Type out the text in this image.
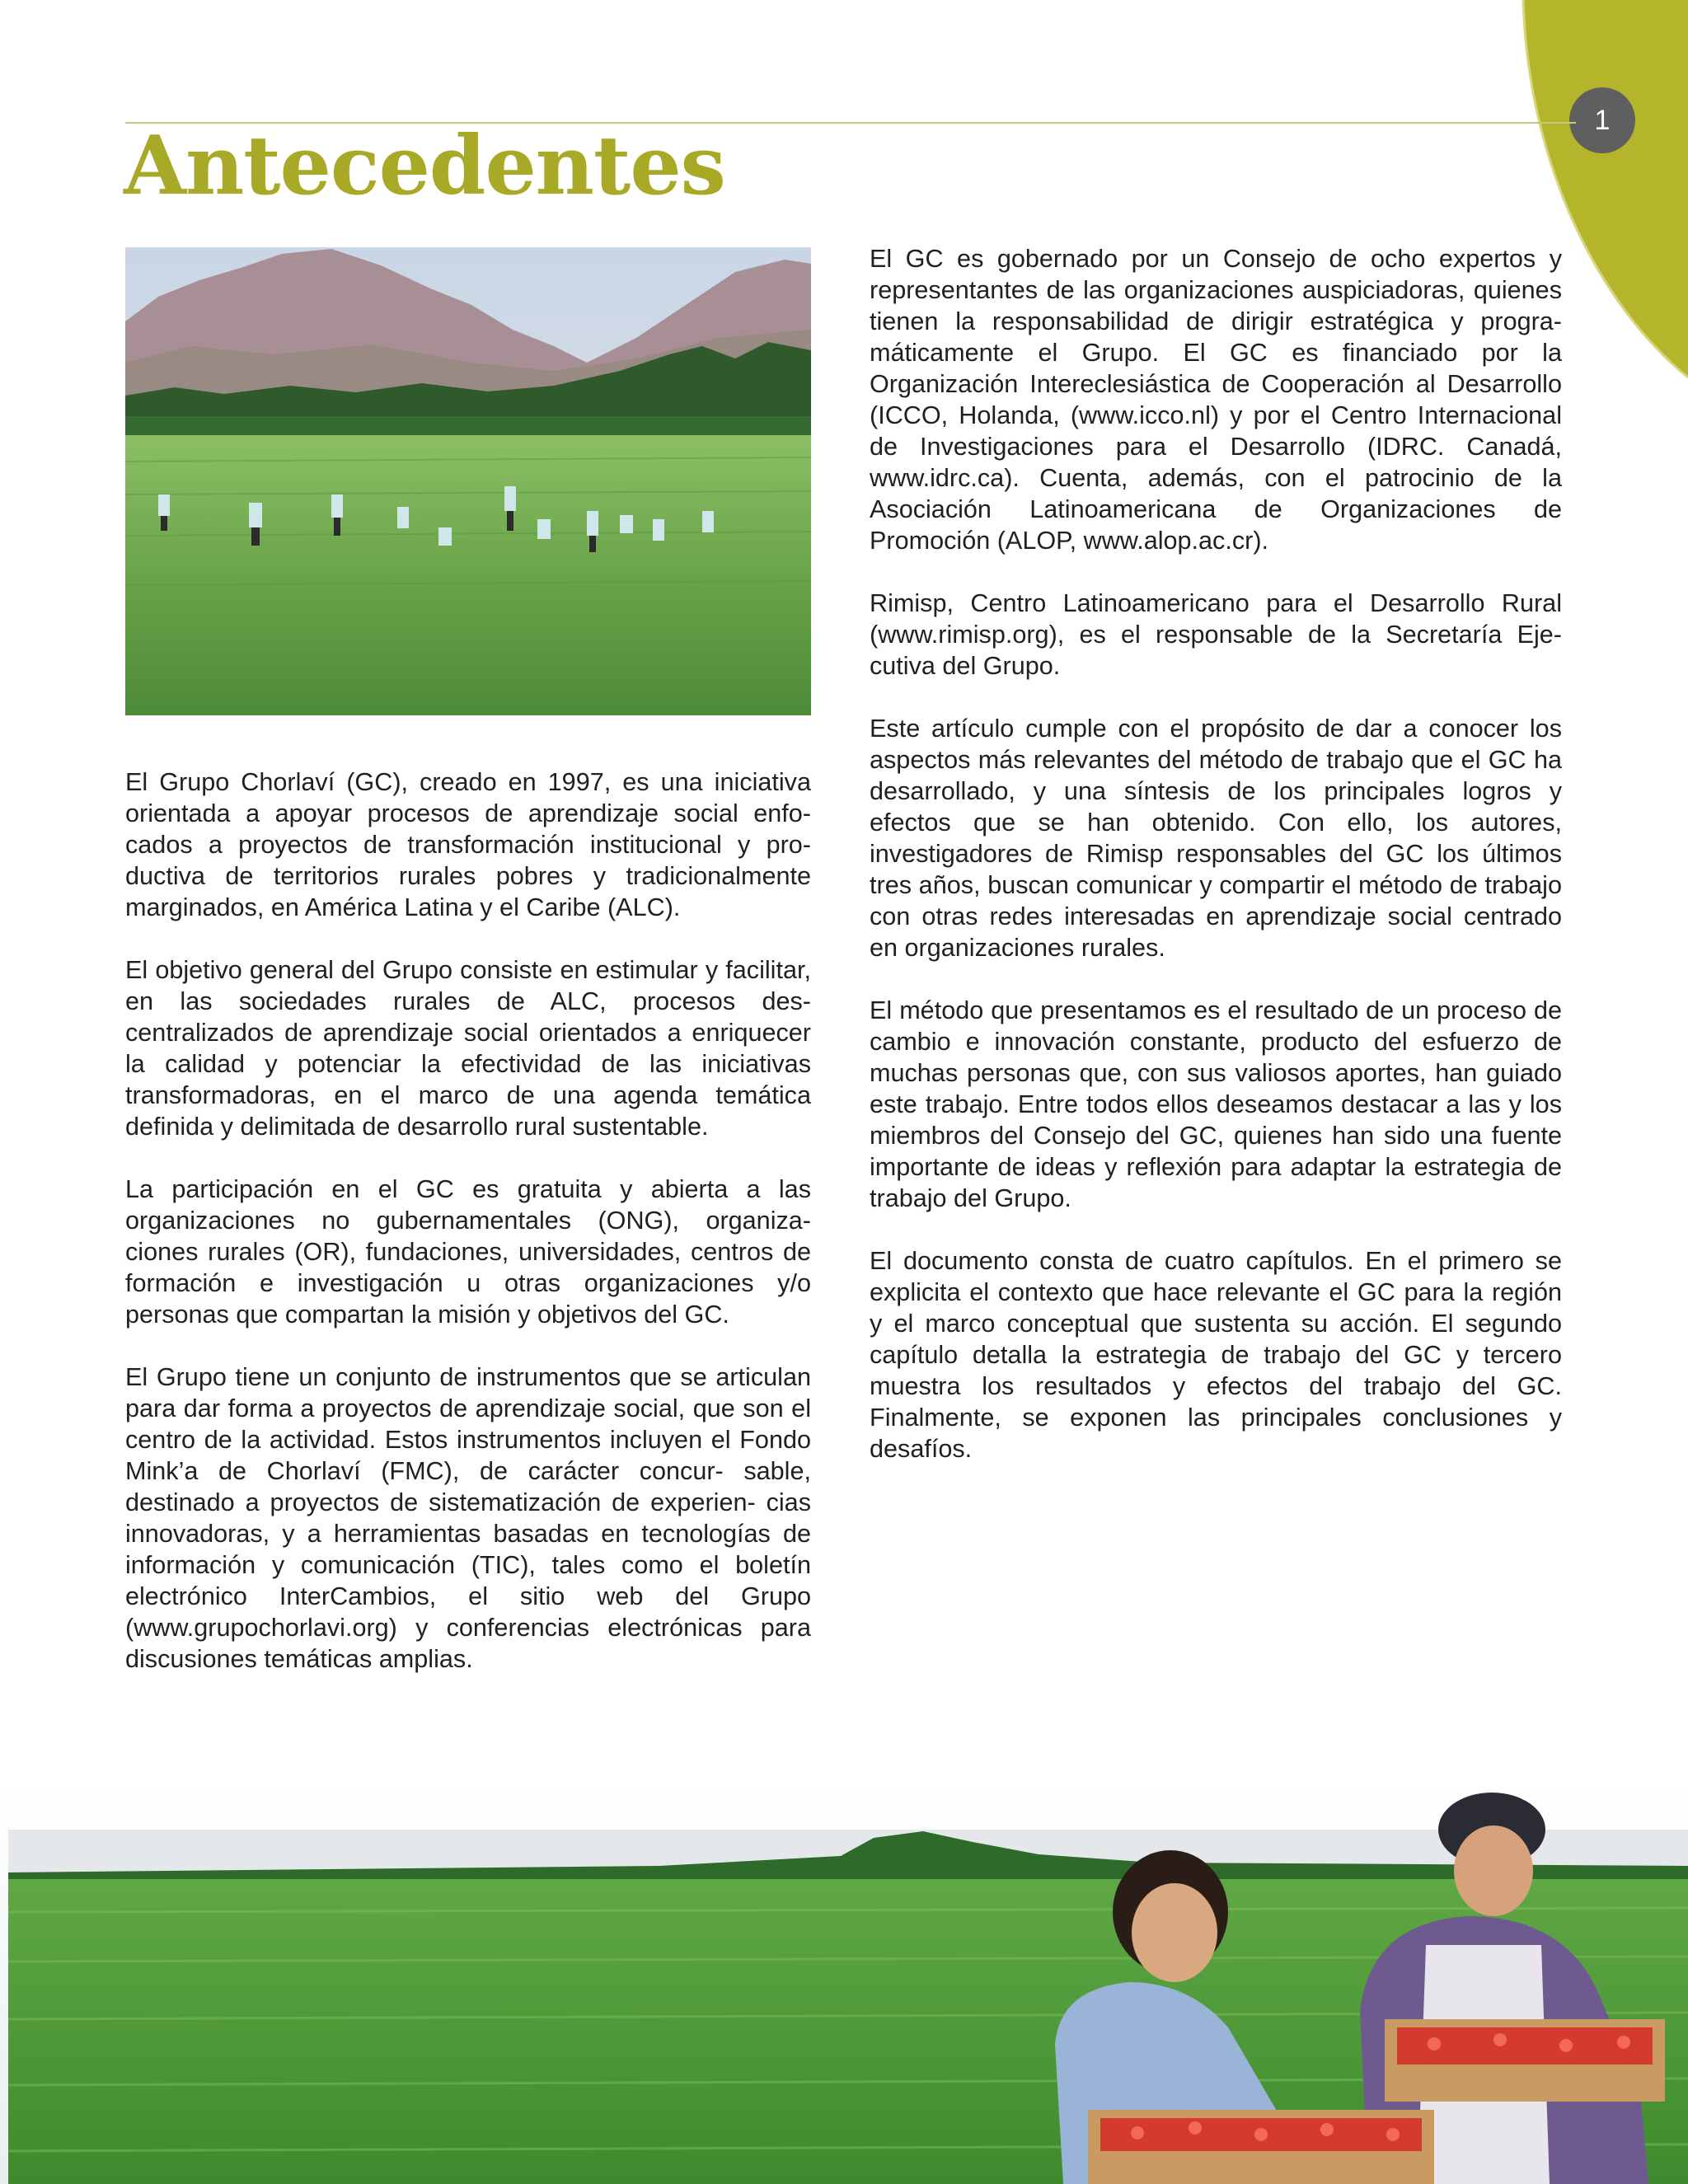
1
Antecedentes

El Grupo Chorlaví (GC), creado en 1997, es una iniciativa orientada a apoyar procesos de aprendizaje social enfo- cados a proyectos de transformación institucional y pro- ductiva de territorios rurales pobres y tradicionalmente marginados, en América Latina y el Caribe (ALC).

El objetivo general del Grupo consiste en estimular y facilitar, en las sociedades rurales de ALC, procesos des- centralizados de aprendizaje social orientados a enriquecer la calidad y potenciar la efectividad de las iniciativas transformadoras, en el marco de una agenda temática definida y delimitada de desarrollo rural sustentable.

La participación en el GC es gratuita y abierta a las organizaciones no gubernamentales (ONG), organiza- ciones rurales (OR), fundaciones, universidades, centros de formación e investigación u otras organizaciones y/o personas que compartan la misión y objetivos del GC.

El Grupo tiene un conjunto de instrumentos que se articulan para dar forma a proyectos de aprendizaje social, que son el centro de la actividad. Estos instrumentos incluyen el Fondo Mink’a de Chorlaví (FMC), de carácter concur- sable, destinado a proyectos de sistematización de experien- cias innovadoras, y a herramientas basadas en tecnologías de información y comunicación (TIC), tales como el boletín electrónico InterCambios, el sitio web del Grupo (www.grupochorlavi.org) y conferencias electrónicas para discusiones temáticas amplias.

El GC es gobernado por un Consejo de ocho expertos y representantes de las organizaciones auspiciadoras, quienes tienen la responsabilidad de dirigir estratégica y progra-máticamente el Grupo. El GC es financiado por la Organización Intereclesiástica de Cooperación al Desarrollo (ICCO, Holanda, (www.icco.nl) y por el Centro Internacional de Investigaciones para el Desarrollo (IDRC. Canadá, www.idrc.ca). Cuenta, además, con el patrocinio de la Asociación Latinoamericana de Organizaciones de Promoción (ALOP, www.alop.ac.cr).

Rimisp, Centro Latinoamericano para el Desarrollo Rural (www.rimisp.org), es el responsable de la Secretaría Eje- cutiva del Grupo.

Este artículo cumple con el propósito de dar a conocer los aspectos más relevantes del método de trabajo que el GC ha desarrollado, y una síntesis de los principales logros y efectos que se han obtenido. Con ello, los autores, investigadores de Rimisp responsables del GC los últimos tres años, buscan comunicar y compartir el método de trabajo con otras redes interesadas en aprendizaje social centrado en organizaciones rurales.

El método que presentamos es el resultado de un proceso de cambio e innovación constante, producto del esfuerzo de muchas personas que, con sus valiosos aportes, han guiado este trabajo. Entre todos ellos deseamos destacar a las y los miembros del Consejo del GC, quienes han sido una fuente importante de ideas y reflexión para adaptar la estrategia de trabajo del Grupo.

El documento consta de cuatro capítulos. En el primero se explicita el contexto que hace relevante el GC para la región y el marco conceptual que sustenta su acción. El segundo capítulo detalla la estrategia de trabajo del GC y tercero muestra los resultados y efectos del trabajo del GC. Finalmente, se exponen las principales conclusiones y desafíos.
